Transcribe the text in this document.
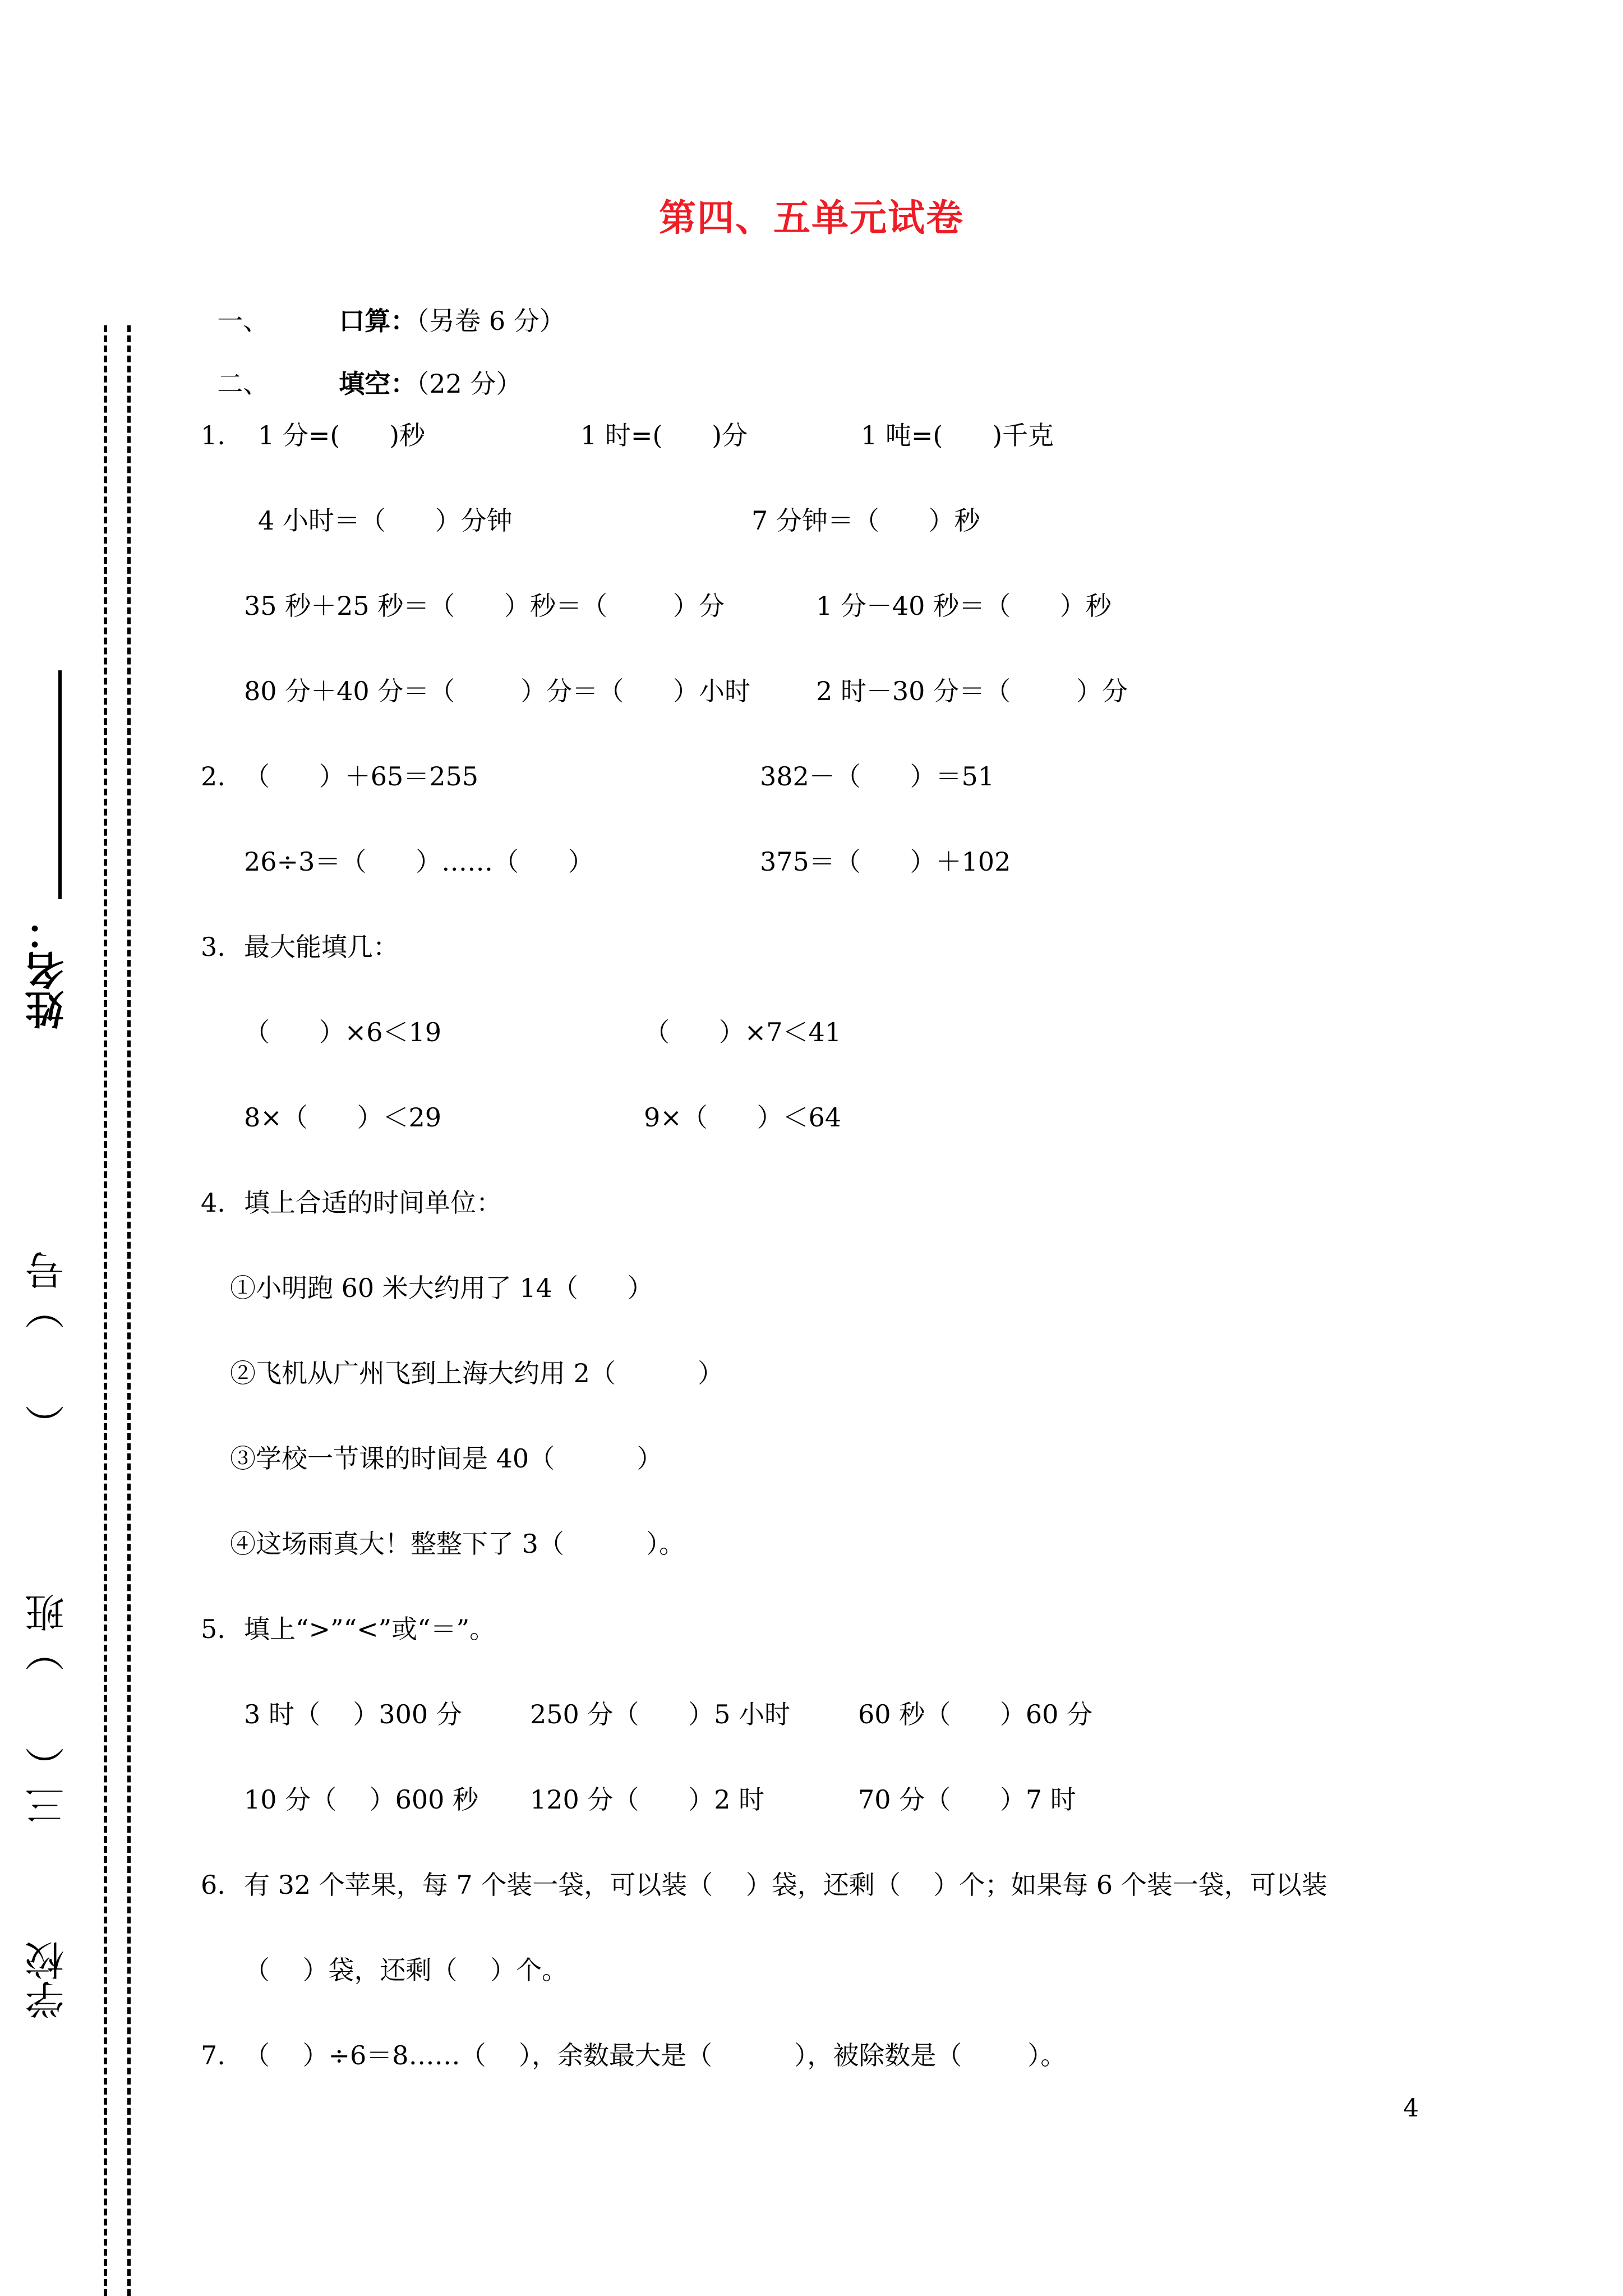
学校
三（      ）班
（      ）号
姓名：
第四、五单元试卷

一、	口算：（另卷 6 分）

二、	填空：（22 分）

1. 1 分=(      )秒	1 时=(      )分	1 吨=(      )千克
4 小时＝（      ）分钟	7 分钟＝（      ）秒
35 秒＋25 秒＝（      ）秒＝（        ）分	1 分－40 秒＝（      ）秒
80 分＋40 分＝（        ）分＝（      ）小时	2 时－30 分＝（        ）分
2. （      ）＋65＝255	382－（      ）＝51
26÷3＝（      ）……（      ）	375＝（      ）＋102
3. 最大能填几：
（      ）×6＜19	（      ）×7＜41
8×（      ）＜29	9×（      ）＜64
4. 填上合适的时间单位：
①小明跑 60 米大约用了 14（      ）
②飞机从广州飞到上海大约用 2（          ）
③学校一节课的时间是 40（          ）
④这场雨真大！整整下了 3（          ）。
5. 填上“>”“<”或“＝”。
3 时（    ）300 分	250 分（      ）5 小时	60 秒（      ）60 分
10 分（    ）600 秒 120 分（      ）2 时	70 分（      ）7 时
6. 有 32 个苹果，每 7 个装一袋，可以装（    ）袋，还剩（    ）个；如果每 6 个装一袋，可以装
（    ）袋，还剩（    ）个。
7. （    ）÷6＝8……（    ），余数最大是（          ），被除数是（        ）。
4
